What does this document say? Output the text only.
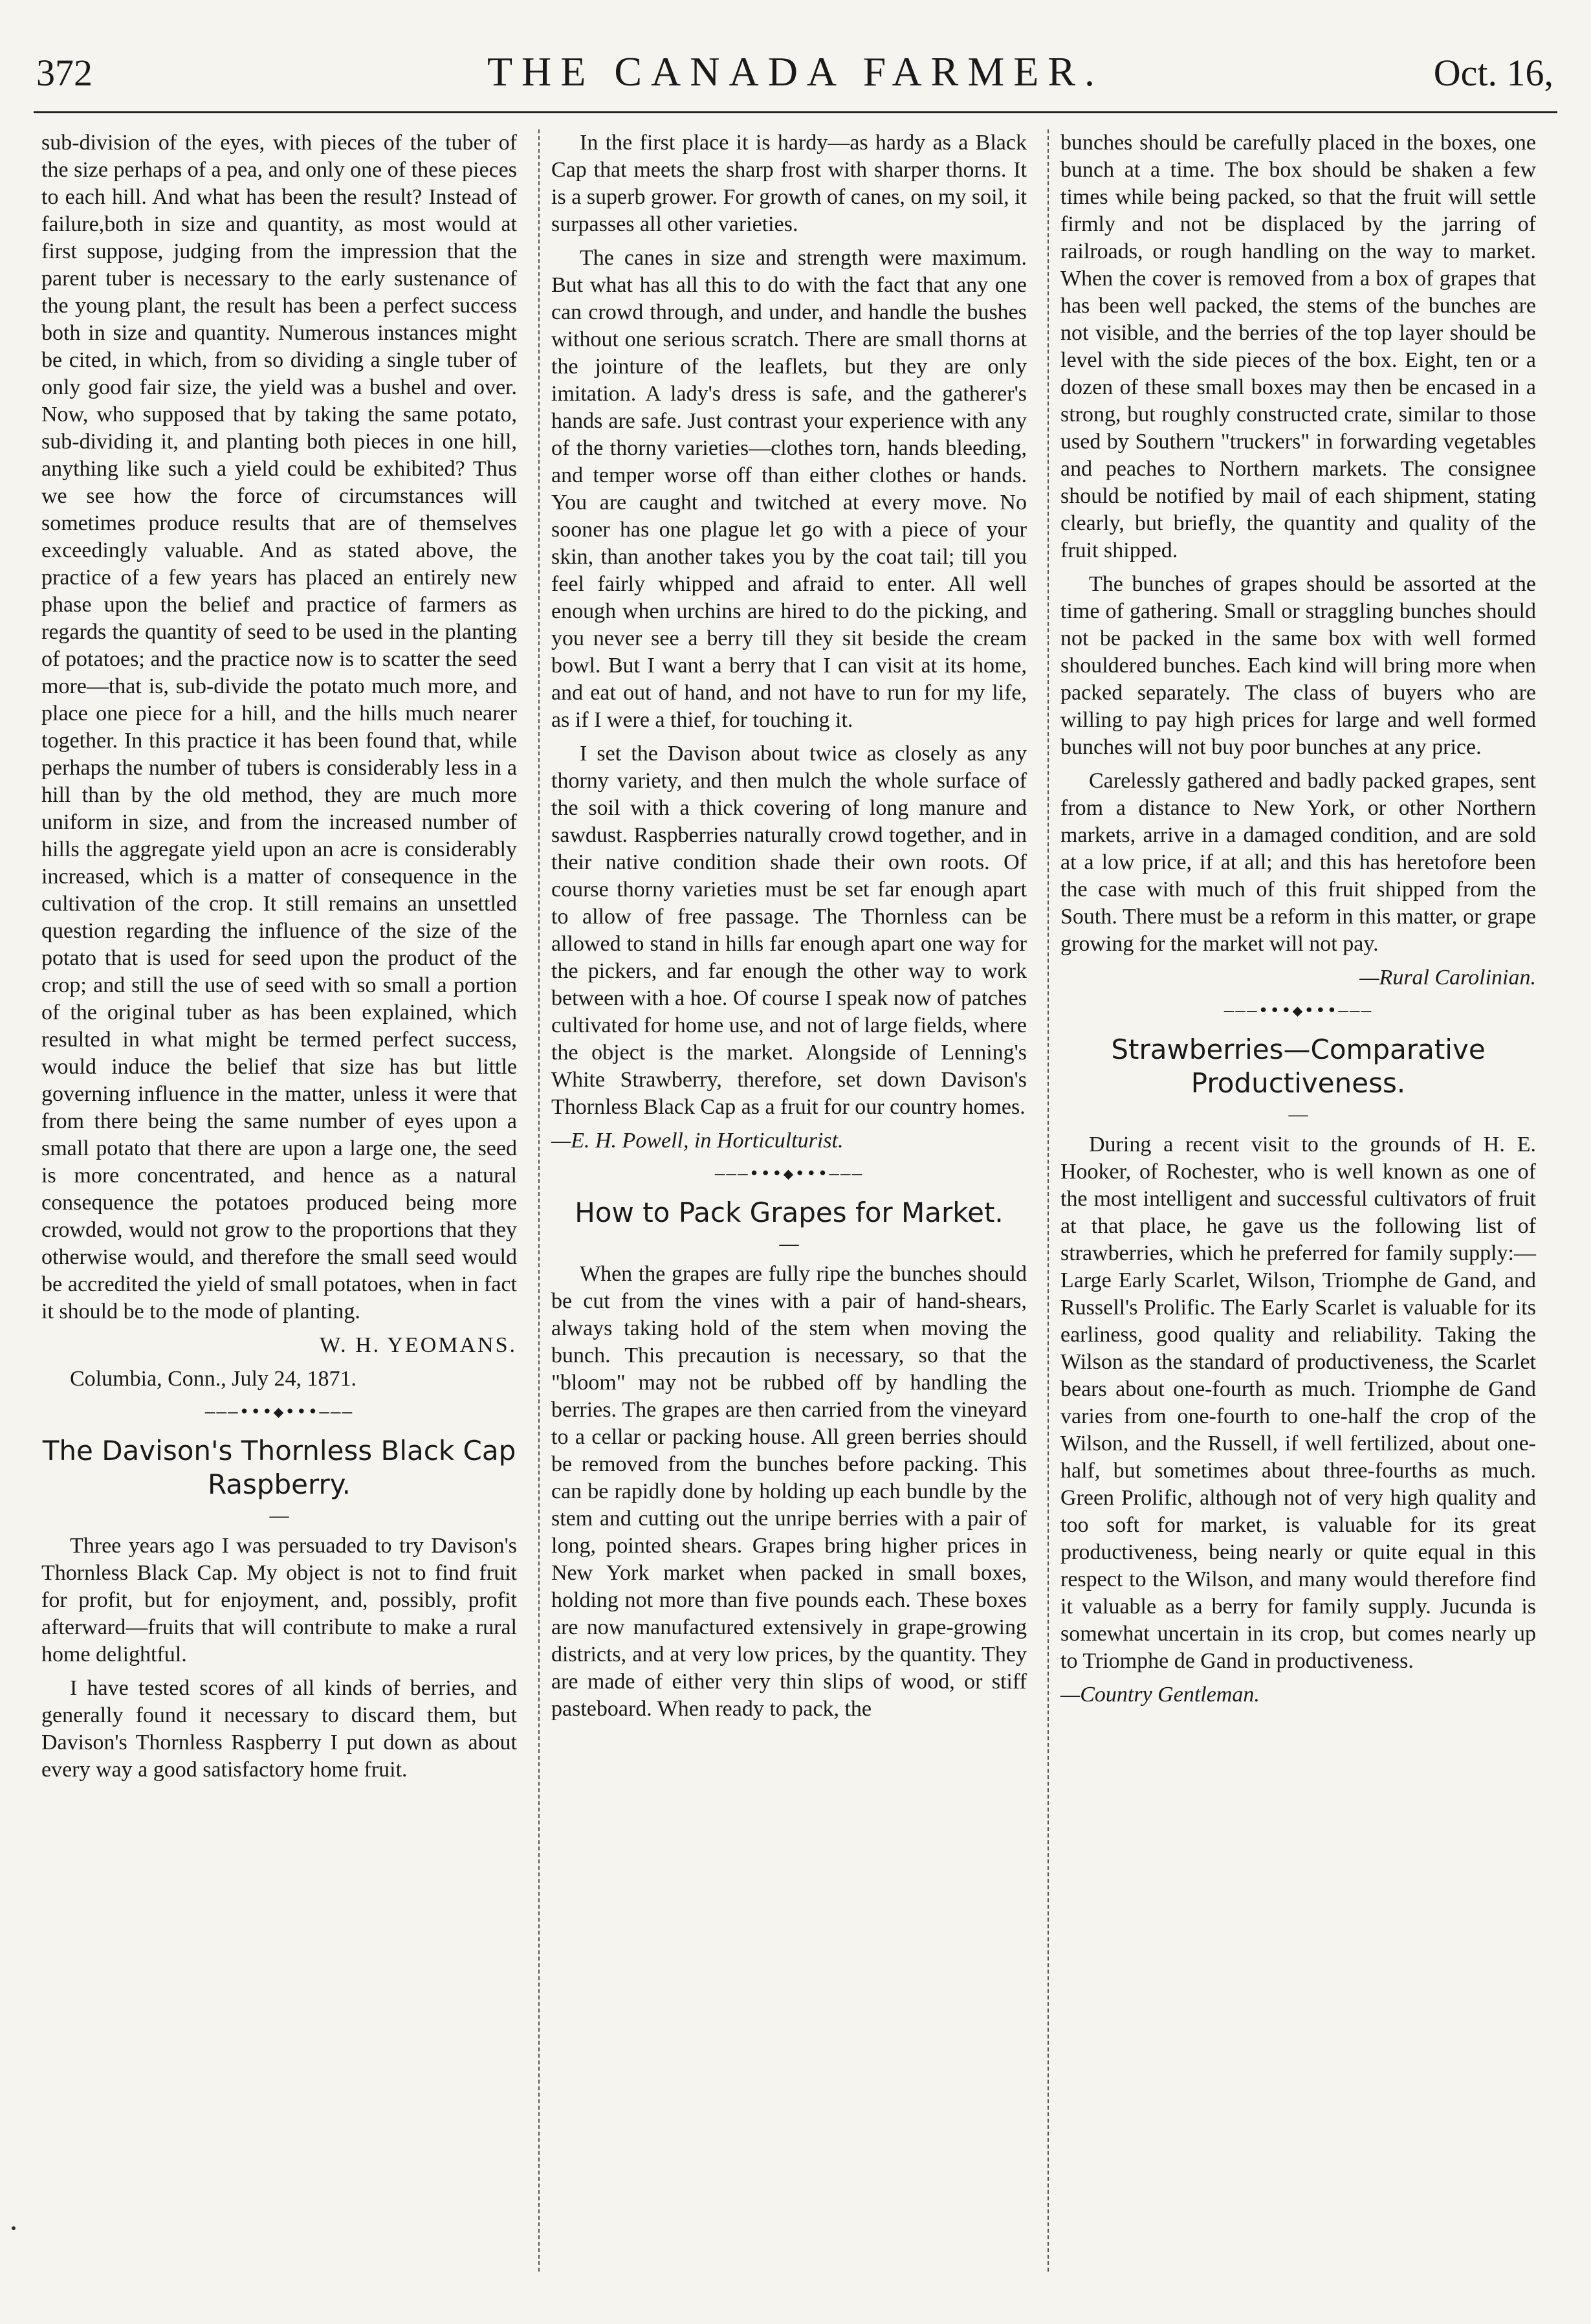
372	THE CANADA FARMER.	Oct. 16,

sub-division of the eyes, with pieces of the tuber of the size perhaps of a pea, and only one of these pieces to each hill. And what has been the result? Instead of failure,both in size and quantity, as most would at first suppose, judging from the impression that the parent tuber is necessary to the early sustenance of the young plant, the result has been a perfect success both in size and quantity. Numerous instances might be cited, in which, from so dividing a single tuber of only good fair size, the yield was a bushel and over. Now, who supposed that by taking the same potato, sub-dividing it, and planting both pieces in one hill, anything like such a yield could be exhibited? Thus we see how the force of circumstances will sometimes produce results that are of themselves exceedingly valuable. And as stated above, the practice of a few years has placed an entirely new phase upon the belief and practice of farmers as regards the quantity of seed to be used in the planting of potatoes; and the practice now is to scatter the seed more—that is, sub-divide the potato much more, and place one piece for a hill, and the hills much nearer together. In this practice it has been found that, while perhaps the number of tubers is considerably less in a hill than by the old method, they are much more uniform in size, and from the increased number of hills the aggregate yield upon an acre is considerably increased, which is a matter of consequence in the cultivation of the crop. It still remains an unsettled question regarding the influence of the size of the potato that is used for seed upon the product of the crop; and still the use of seed with so small a portion of the original tuber as has been explained, which resulted in what might be termed perfect success, would induce the belief that size has but little governing influence in the matter, unless it were that from there being the same number of eyes upon a small potato that there are upon a large one, the seed is more concentrated, and hence as a natural consequence the potatoes produced being more crowded, would not grow to the proportions that they otherwise would, and therefore the small seed would be accredited the yield of small potatoes, when in fact it should be to the mode of planting.

W. H. YEOMANS.

Columbia, Conn., July 24, 1871.

———•••◆•••———

The Davison's Thornless Black Cap Raspberry.

—

Three years ago I was persuaded to try Davison's Thornless Black Cap. My object is not to find fruit for profit, but for enjoyment, and, possibly, profit afterward—fruits that will contribute to make a rural home delightful.

I have tested scores of all kinds of berries, and generally found it necessary to discard them, but Davison's Thornless Raspberry I put down as about every way a good satisfactory home fruit.

In the first place it is hardy—as hardy as a Black Cap that meets the sharp frost with sharper thorns. It is a superb grower. For growth of canes, on my soil, it surpasses all other varieties.

The canes in size and strength were maximum. But what has all this to do with the fact that any one can crowd through, and under, and handle the bushes without one serious scratch. There are small thorns at the jointure of the leaflets, but they are only imitation. A lady's dress is safe, and the gatherer's hands are safe. Just contrast your experience with any of the thorny varieties—clothes torn, hands bleeding, and temper worse off than either clothes or hands. You are caught and twitched at every move. No sooner has one plague let go with a piece of your skin, than another takes you by the coat tail; till you feel fairly whipped and afraid to enter. All well enough when urchins are hired to do the picking, and you never see a berry till they sit beside the cream bowl. But I want a berry that I can visit at its home, and eat out of hand, and not have to run for my life, as if I were a thief, for touching it.

I set the Davison about twice as closely as any thorny variety, and then mulch the whole surface of the soil with a thick covering of long manure and sawdust. Raspberries naturally crowd together, and in their native condition shade their own roots. Of course thorny varieties must be set far enough apart to allow of free passage. The Thornless can be allowed to stand in hills far enough apart one way for the pickers, and far enough the other way to work between with a hoe. Of course I speak now of patches cultivated for home use, and not of large fields, where the object is the market. Alongside of Lenning's White Strawberry, therefore, set down Davison's Thornless Black Cap as a fruit for our country homes.

—E. H. Powell, in Horticulturist.

———•••◆•••———

How to Pack Grapes for Market.

—

When the grapes are fully ripe the bunches should be cut from the vines with a pair of hand-shears, always taking hold of the stem when moving the bunch. This precaution is necessary, so that the "bloom" may not be rubbed off by handling the berries. The grapes are then carried from the vineyard to a cellar or packing house. All green berries should be removed from the bunches before packing. This can be rapidly done by holding up each bundle by the stem and cutting out the unripe berries with a pair of long, pointed shears. Grapes bring higher prices in New York market when packed in small boxes, holding not more than five pounds each. These boxes are now manufactured extensively in grape-growing districts, and at very low prices, by the quantity. They are made of either very thin slips of wood, or stiff pasteboard. When ready to pack, the

bunches should be carefully placed in the boxes, one bunch at a time. The box should be shaken a few times while being packed, so that the fruit will settle firmly and not be displaced by the jarring of railroads, or rough handling on the way to market. When the cover is removed from a box of grapes that has been well packed, the stems of the bunches are not visible, and the berries of the top layer should be level with the side pieces of the box. Eight, ten or a dozen of these small boxes may then be encased in a strong, but roughly constructed crate, similar to those used by Southern "truckers" in forwarding vegetables and peaches to Northern markets. The consignee should be notified by mail of each shipment, stating clearly, but briefly, the quantity and quality of the fruit shipped.

The bunches of grapes should be assorted at the time of gathering. Small or straggling bunches should not be packed in the same box with well formed shouldered bunches. Each kind will bring more when packed separately. The class of buyers who are willing to pay high prices for large and well formed bunches will not buy poor bunches at any price.

Carelessly gathered and badly packed grapes, sent from a distance to New York, or other Northern markets, arrive in a damaged condition, and are sold at a low price, if at all; and this has heretofore been the case with much of this fruit shipped from the South. There must be a reform in this matter, or grape growing for the market will not pay.

—Rural Carolinian.

———•••◆•••———

Strawberries—Comparative Productiveness.

—

During a recent visit to the grounds of H. E. Hooker, of Rochester, who is well known as one of the most intelligent and successful cultivators of fruit at that place, he gave us the following list of strawberries, which he preferred for family supply:—Large Early Scarlet, Wilson, Triomphe de Gand, and Russell's Prolific. The Early Scarlet is valuable for its earliness, good quality and reliability. Taking the Wilson as the standard of productiveness, the Scarlet bears about one-fourth as much. Triomphe de Gand varies from one-fourth to one-half the crop of the Wilson, and the Russell, if well fertilized, about one-half, but sometimes about three-fourths as much. Green Prolific, although not of very high quality and too soft for market, is valuable for its great productiveness, being nearly or quite equal in this respect to the Wilson, and many would therefore find it valuable as a berry for family supply. Jucunda is somewhat uncertain in its crop, but comes nearly up to Triomphe de Gand in productiveness.

—Country Gentleman.
